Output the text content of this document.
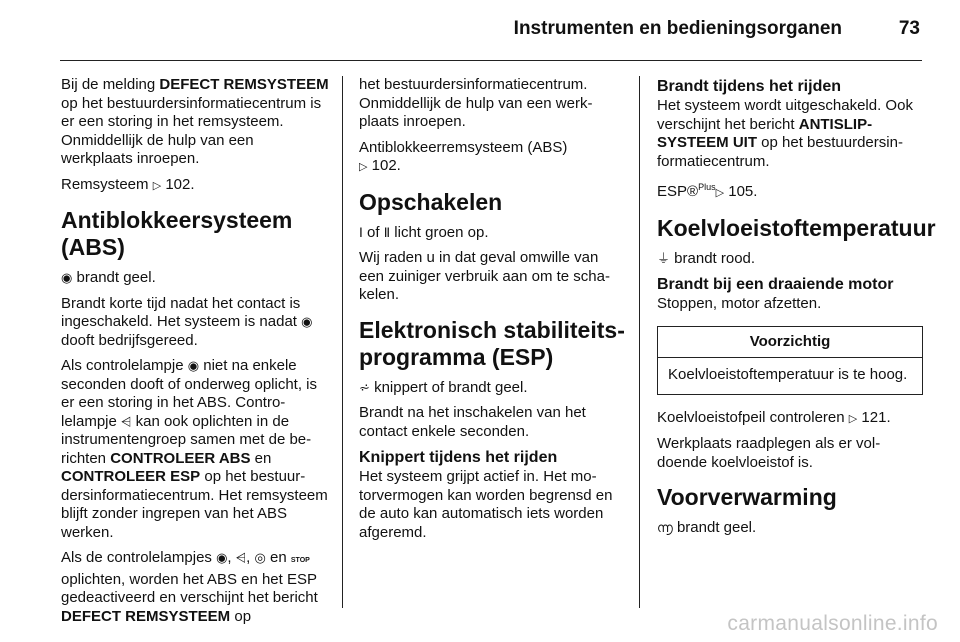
Instrumenten en bedieningsorganen	73

Bij de melding DEFECT REMSYSTEEM op het bestuurdersinformatiecentrum is er een storing in het remsysteem. Onmiddellijk de hulp van een werkplaats inroepen.

Remsysteem ▷ 102.

Antiblokkeersysteem (ABS)

◉ brandt geel.

Brandt korte tijd nadat het contact is ingeschakeld. Het systeem is nadat ◉ dooft bedrijfsgereed.

Als controlelampje ◉ niet na enkele seconden dooft of onderweg oplicht, is er een storing in het ABS. Controlelampje ⩤ kan ook oplichten in de instrumentengroep samen met de berichten CONTROLEER ABS en CONTROLEER ESP op het bestuurdersinformatiecentrum. Het remsysteem blijft zonder ingrepen van het ABS werken.

Als de controlelampjes ◉, ⩤, ◎ en STOP oplichten, worden het ABS en het ESP gedeactiveerd en verschijnt het bericht DEFECT REMSYSTEEM op

het bestuurdersinformatiecentrum. Onmiddellijk de hulp van een werkplaats inroepen.

Antiblokkeerremsysteem (ABS)
▷ 102.

Opschakelen

Ⅰ of Ⅱ licht groen op.

Wij raden u in dat geval omwille van een zuiniger verbruik aan om te schakelen.

Elektronisch stabiliteitsprogramma (ESP)

⩫ knippert of brandt geel.

Brandt na het inschakelen van het contact enkele seconden.

Knippert tijdens het rijden

Het systeem grijpt actief in. Het motorvermogen kan worden begrensd en de auto kan automatisch iets worden afgeremd.

Brandt tijdens het rijden

Het systeem wordt uitgeschakeld. Ook verschijnt het bericht ANTISLIP-SYSTEEM UIT op het bestuurdersinformatiecentrum.

ESP®$^{Plus}$▷ 105.

Koelvloeistoftemperatuur

⏚ brandt rood.

Brandt bij een draaiende motor

Stoppen, motor afzetten.

Voorzichtig
Koelvloeistoftemperatuur is te hoog.

Koelvloeistofpeil controleren ▷ 121.

Werkplaats raadplegen als er voldoende koelvloeistof is.

Voorverwarming

൬ brandt geel.

carmanualsonline.info
